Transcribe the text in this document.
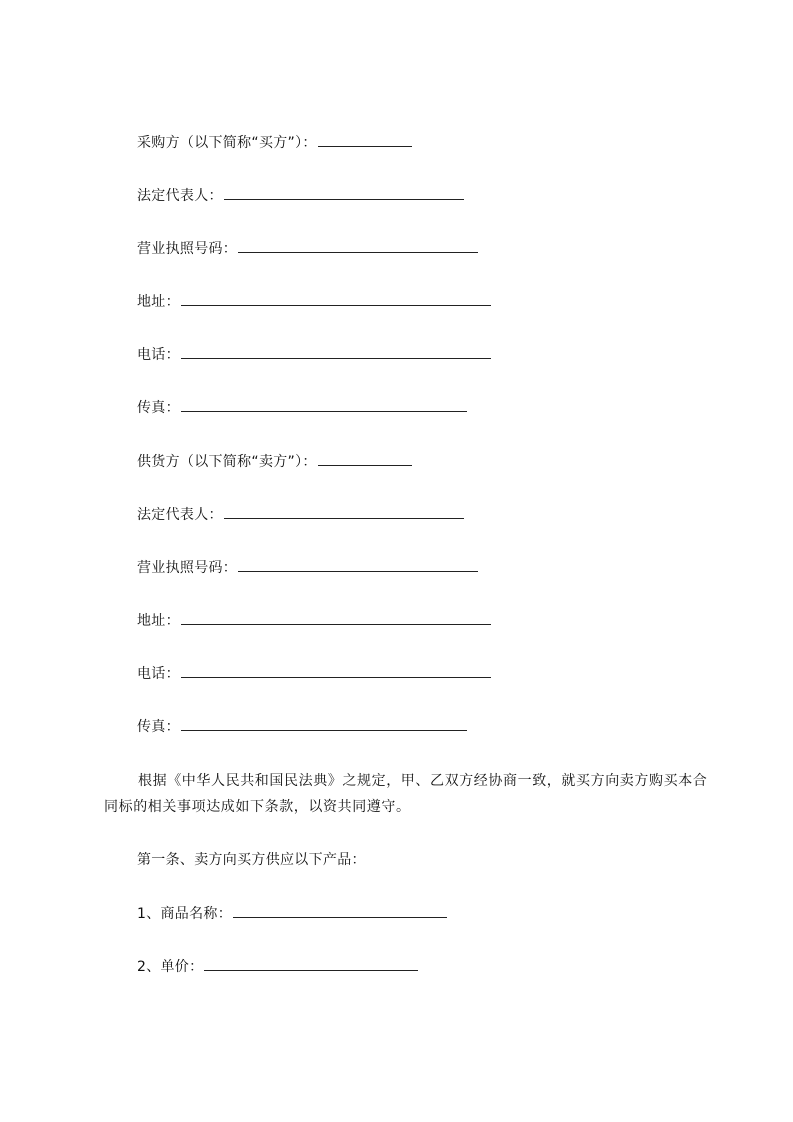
采购方（以下简称“买方”）：
法定代表人：
营业执照号码：
地址：
电话：
传真：
供货方（以下简称“卖方”）：
法定代表人：
营业执照号码：
地址：
电话：
传真：
根据《中华人民共和国民法典》之规定，甲、乙双方经协商一致，就买方向卖方购买本合同标的相关事项达成如下条款，以资共同遵守。
第一条、卖方向买方供应以下产品：
1、商品名称：
2、单价：
